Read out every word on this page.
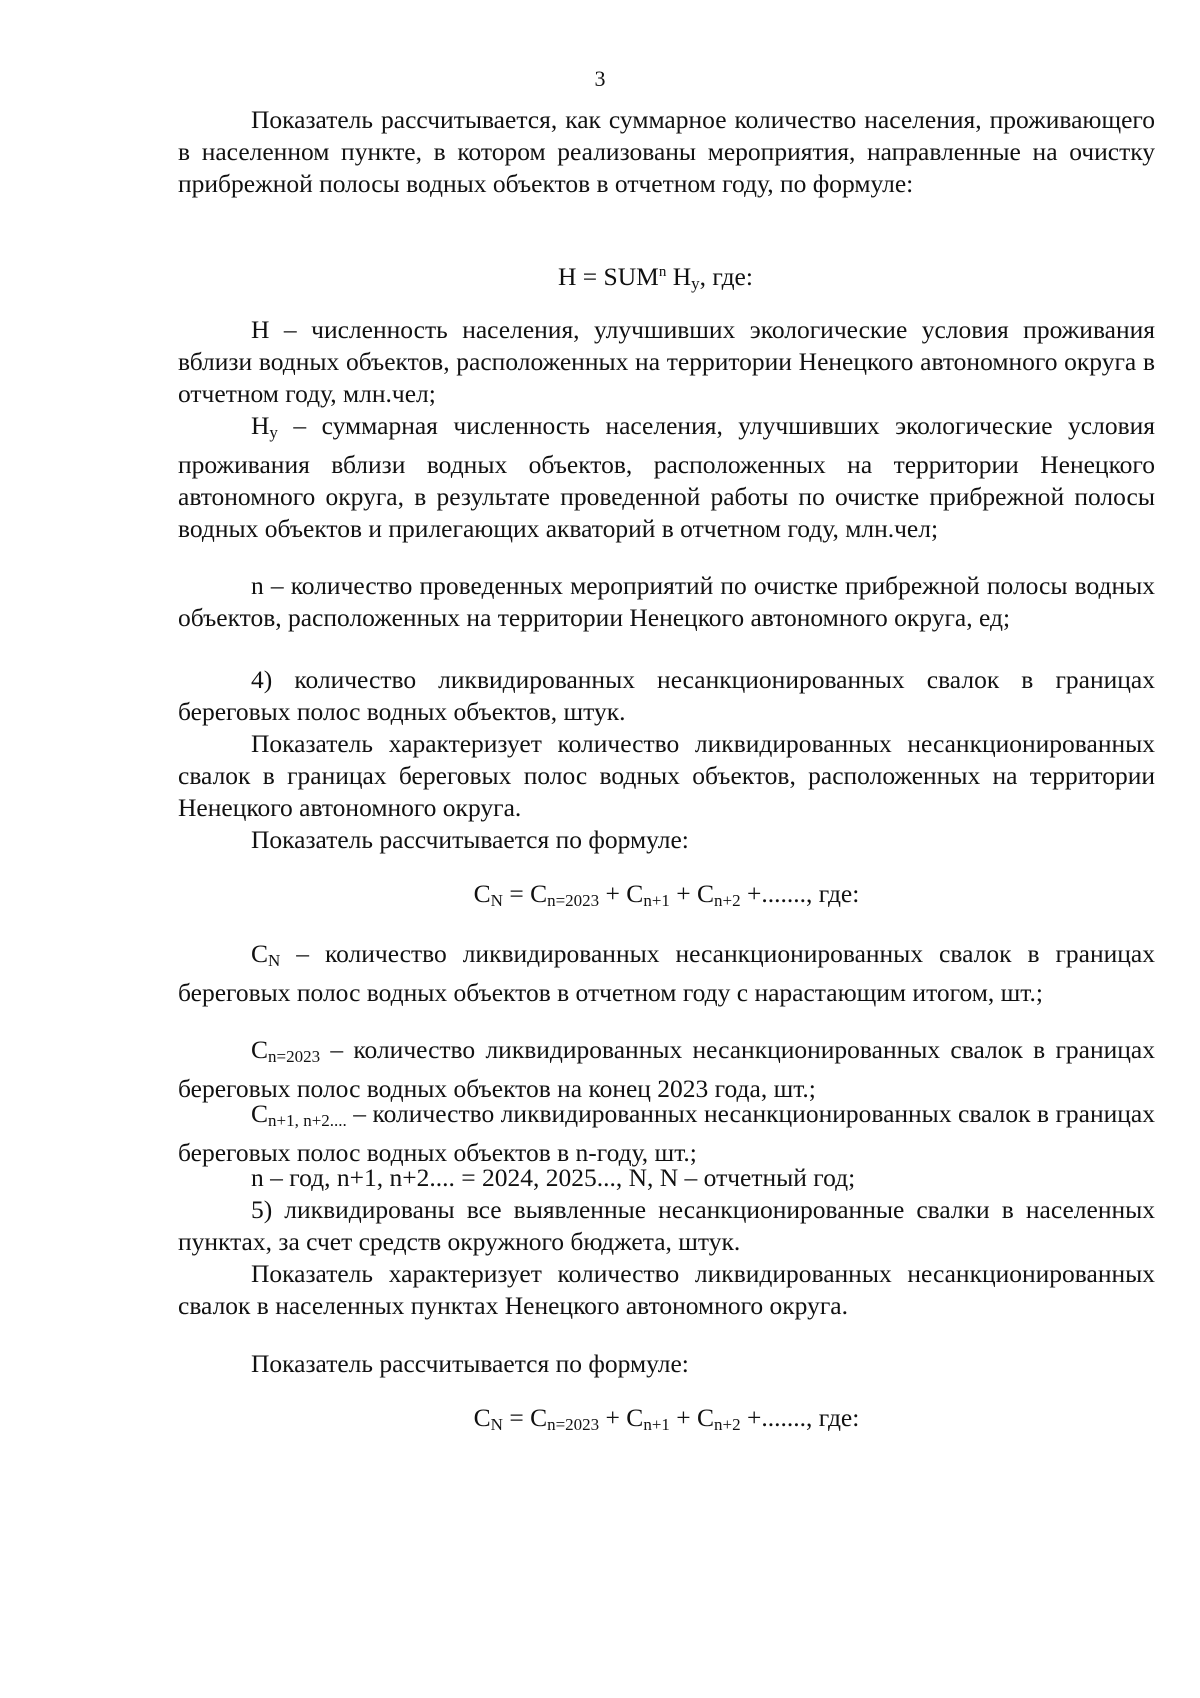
3
Показатель рассчитывается, как суммарное количество населения, проживающего в населенном пункте, в котором реализованы мероприятия, направленные на очистку прибрежной полосы водных объектов в отчетном году, по формуле:
$Н = SUM^n$ $Н_у$, где:
Н – численность населения, улучшивших экологические условия проживания вблизи водных объектов, расположенных на территории Ненецкого автономного округа в отчетном году, млн.чел;
$Н_у$ – суммарная численность населения, улучшивших экологические условия проживания вблизи водных объектов, расположенных на территории Ненецкого автономного округа, в результате проведенной работы по очистке прибрежной полосы водных объектов и прилегающих акваторий в отчетном году, млн.чел;
n – количество проведенных мероприятий по очистке прибрежной полосы водных объектов, расположенных на территории Ненецкого автономного округа, ед;
4) количество ликвидированных несанкционированных свалок в границах береговых полос водных объектов, штук.
Показатель характеризует количество ликвидированных несанкционированных свалок в границах береговых полос водных объектов, расположенных на территории Ненецкого автономного округа.
Показатель рассчитывается по формуле:
$С_N = С_{n=2023} + С_{n+1} + С_{n+2}$ +......., где:
$С_N$ – количество ликвидированных несанкционированных свалок в границах береговых полос водных объектов в отчетном году с нарастающим итогом, шт.;
$С_{n=2023}$ – количество ликвидированных несанкционированных свалок в границах береговых полос водных объектов на конец 2023 года, шт.;
$С_{n+1, n+2....}$ – количество ликвидированных несанкционированных свалок в границах береговых полос водных объектов в n-году, шт.;
n – год, n+1, n+2.... = 2024, 2025..., N, N – отчетный год;
5) ликвидированы все выявленные несанкционированные свалки в населенных пунктах, за счет средств окружного бюджета, штук.
Показатель характеризует количество ликвидированных несанкционированных свалок в населенных пунктах Ненецкого автономного округа.
Показатель рассчитывается по формуле:
$С_N = С_{n=2023} + С_{n+1} + С_{n+2}$ +......., где:
